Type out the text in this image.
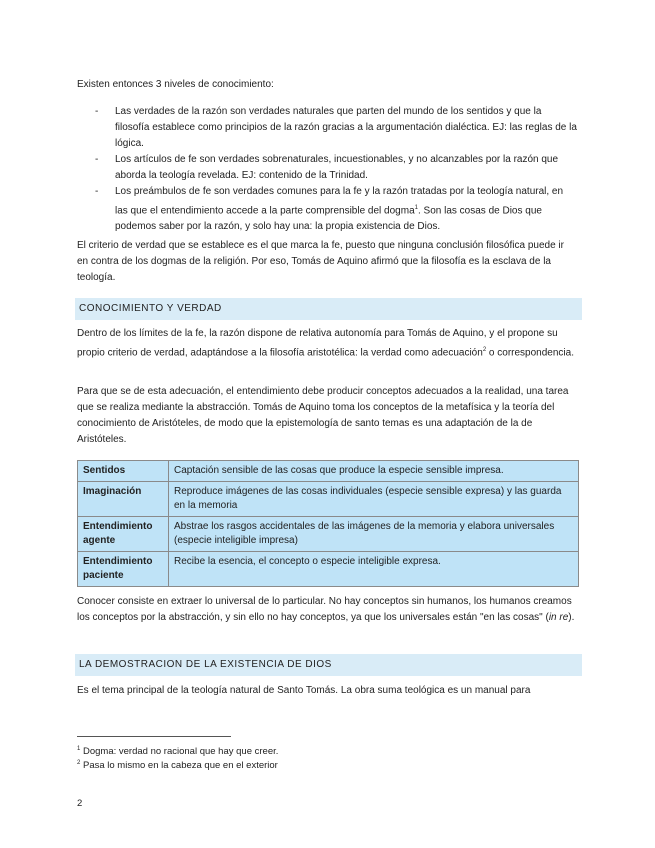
Existen entonces 3 niveles de conocimiento:
- Las verdades de la razón son verdades naturales que parten del mundo de los sentidos y que la filosofía establece como principios de la razón gracias a la argumentación dialéctica. EJ: las reglas de la lógica.
- Los artículos de fe son verdades sobrenaturales, incuestionables, y no alcanzables por la razón que aborda la teología revelada. EJ: contenido de la Trinidad.
- Los preámbulos de fe son verdades comunes para la fe y la razón tratadas por la teología natural, en las que el entendimiento accede a la parte comprensible del dogma$^1$. Son las cosas de Dios que podemos saber por la razón, y solo hay una: la propia existencia de Dios.
El criterio de verdad que se establece es el que marca la fe, puesto que ninguna conclusión filosófica puede ir en contra de los dogmas de la religión. Por eso, Tomás de Aquino afirmó que la filosofía es la esclava de la teología.
CONOCIMIENTO Y VERDAD
Dentro de los límites de la fe, la razón dispone de relativa autonomía para Tomás de Aquino, y el propone su propio criterio de verdad, adaptándose a la filosofía aristotélica: la verdad como adecuación$^2$ o correspondencia.
Para que se de esta adecuación, el entendimiento debe producir conceptos adecuados a la realidad, una tarea que se realiza mediante la abstracción. Tomás de Aquino toma los conceptos de la metafísica y la teoría del conocimiento de Aristóteles, de modo que la epistemología de santo temas es una adaptación de la de Aristóteles.
Sentidos	Captación sensible de las cosas que produce la especie sensible impresa.
Imaginación	Reproduce imágenes de las cosas individuales (especie sensible expresa) y las guarda en la memoria
Entendimiento agente	Abstrae los rasgos accidentales de las imágenes de la memoria y elabora universales (especie inteligible impresa)
Entendimiento paciente	Recibe la esencia, el concepto o especie inteligible expresa.
Conocer consiste en extraer lo universal de lo particular. No hay conceptos sin humanos, los humanos creamos los conceptos por la abstracción, y sin ello no hay conceptos, ya que los universales están "en las cosas" (in re).
LA DEMOSTRACION DE LA EXISTENCIA DE DIOS
Es el tema principal de la teología natural de Santo Tomás. La obra suma teológica es un manual para
$^1$ Dogma: verdad no racional que hay que creer.
$^2$ Pasa lo mismo en la cabeza que en el exterior
2
